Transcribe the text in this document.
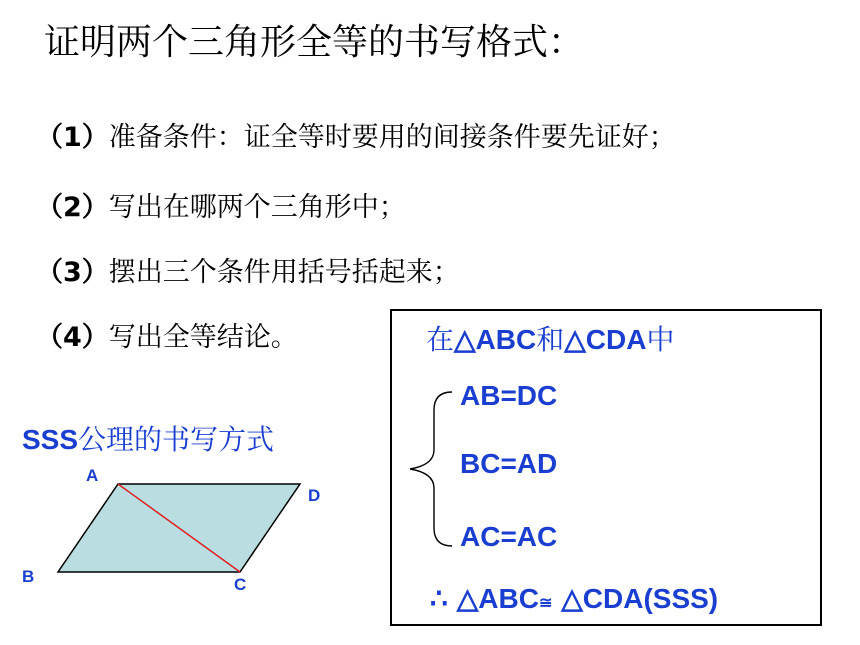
证明两个三角形全等的书写格式：
（1）准备条件：证全等时要用的间接条件要先证好；
（2）写出在哪两个三角形中；
（3）摆出三个条件用括号括起来；
（4）写出全等结论。
SSS公理的书写方式
A
D
B	C
在△ABC和△CDA中
AB=DC
BC=AD
AC=AC
∴ △ABC≅ △CDA(SSS)
